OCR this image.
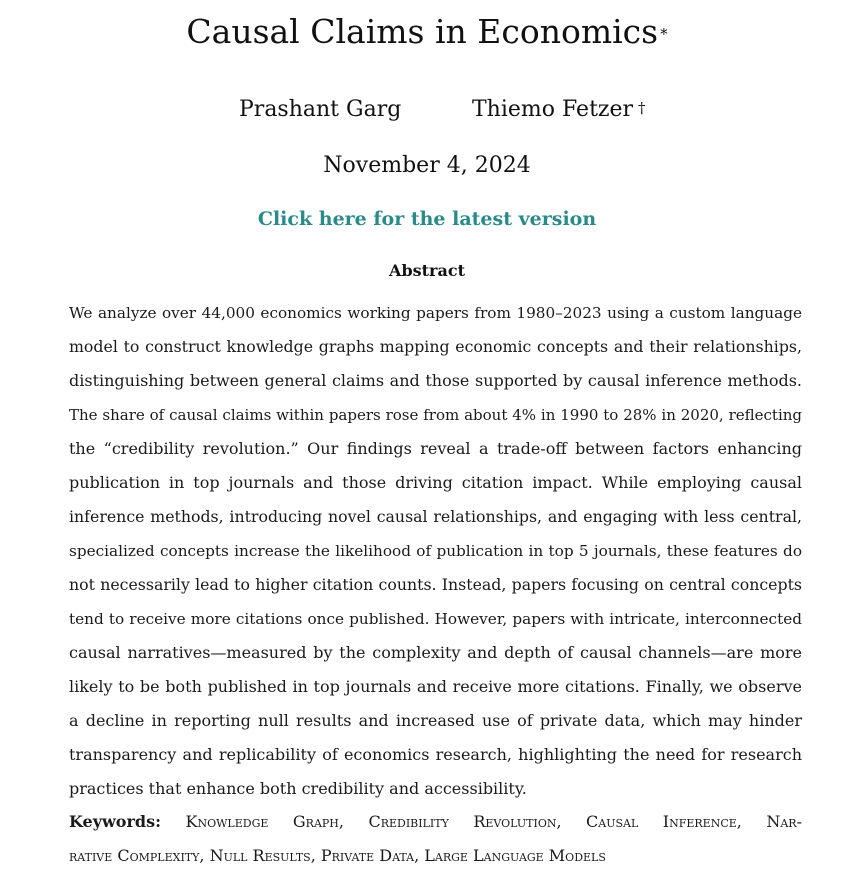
Causal Claims in Economics *
Prashant Garg	Thiemo Fetzer †
November 4, 2024
Click here for the latest version
Abstract
We analyze over 44,000 economics working papers from 1980–2023 using a custom language
model to construct knowledge graphs mapping economic concepts and their relationships,
distinguishing between general claims and those supported by causal inference methods.
The share of causal claims within papers rose from about 4% in 1990 to 28% in 2020, reflecting
the “credibility revolution.” Our findings reveal a trade-off between factors enhancing
publication in top journals and those driving citation impact. While employing causal
inference methods, introducing novel causal relationships, and engaging with less central,
specialized concepts increase the likelihood of publication in top 5 journals, these features do
not necessarily lead to higher citation counts. Instead, papers focusing on central concepts
tend to receive more citations once published. However, papers with intricate, interconnected
causal narratives—measured by the complexity and depth of causal channels—are more
likely to be both published in top journals and receive more citations. Finally, we observe
a decline in reporting null results and increased use of private data, which may hinder
transparency and replicability of economics research, highlighting the need for research
practices that enhance both credibility and accessibility.
Keywords: Knowledge Graph, Credibility Revolution, Causal Inference, Nar-
rative Complexity, Null Results, Private Data, Large Language Models
